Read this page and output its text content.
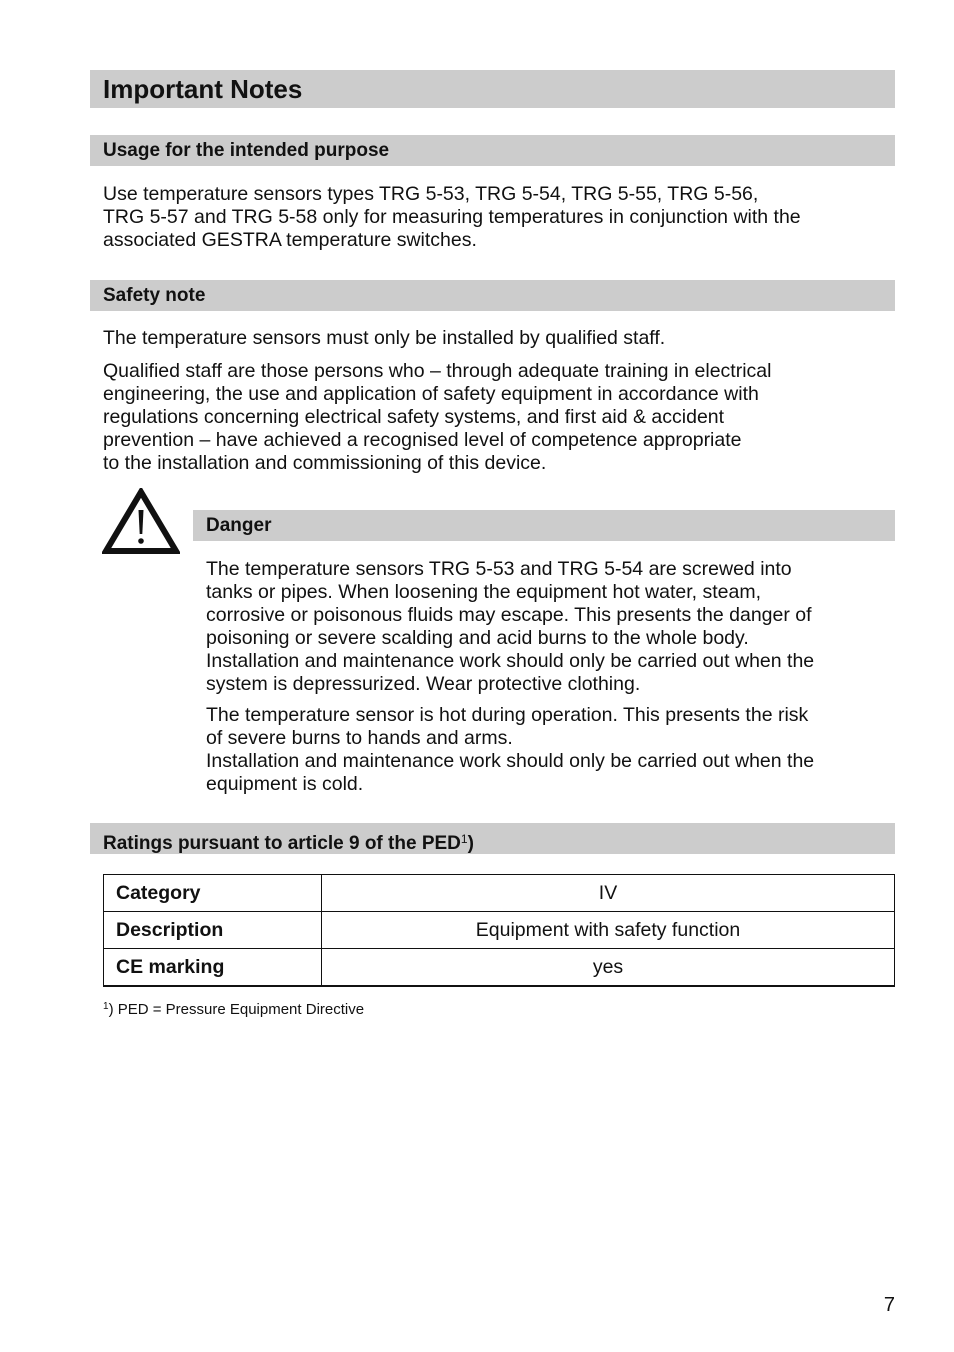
Important Notes
Usage for the intended purpose

Use temperature sensors types TRG 5-53, TRG 5-54, TRG 5-55, TRG 5-56,
TRG 5-57 and TRG 5-58 only for measuring temperatures in conjunction with the
associated GESTRA temperature switches.

Safety note

The temperature sensors must only be installed by qualified staff.

Qualified staff are those persons who – through adequate training in electrical
engineering, the use and application of safety equipment in accordance with
regulations concerning electrical safety systems, and first aid & accident
prevention – have achieved a recognised level of competence appropriate
to the installation and commissioning of this device.

Danger

The temperature sensors TRG 5-53 and TRG 5-54 are screwed into
tanks or pipes. When loosening the equipment hot water, steam,
corrosive or poisonous fluids may escape. This presents the danger of
poisoning or severe scalding and acid burns to the whole body.
Installation and maintenance work should only be carried out when the
system is depressurized. Wear protective clothing.

The temperature sensor is hot during operation. This presents the risk
of severe burns to hands and arms.
Installation and maintenance work should only be carried out when the
equipment is cold.

Ratings pursuant to article 9 of the PED$^1$)
Category	IV
Description	Equipment with safety function
CE marking	yes

$^1$) PED = Pressure Equipment Directive

7
